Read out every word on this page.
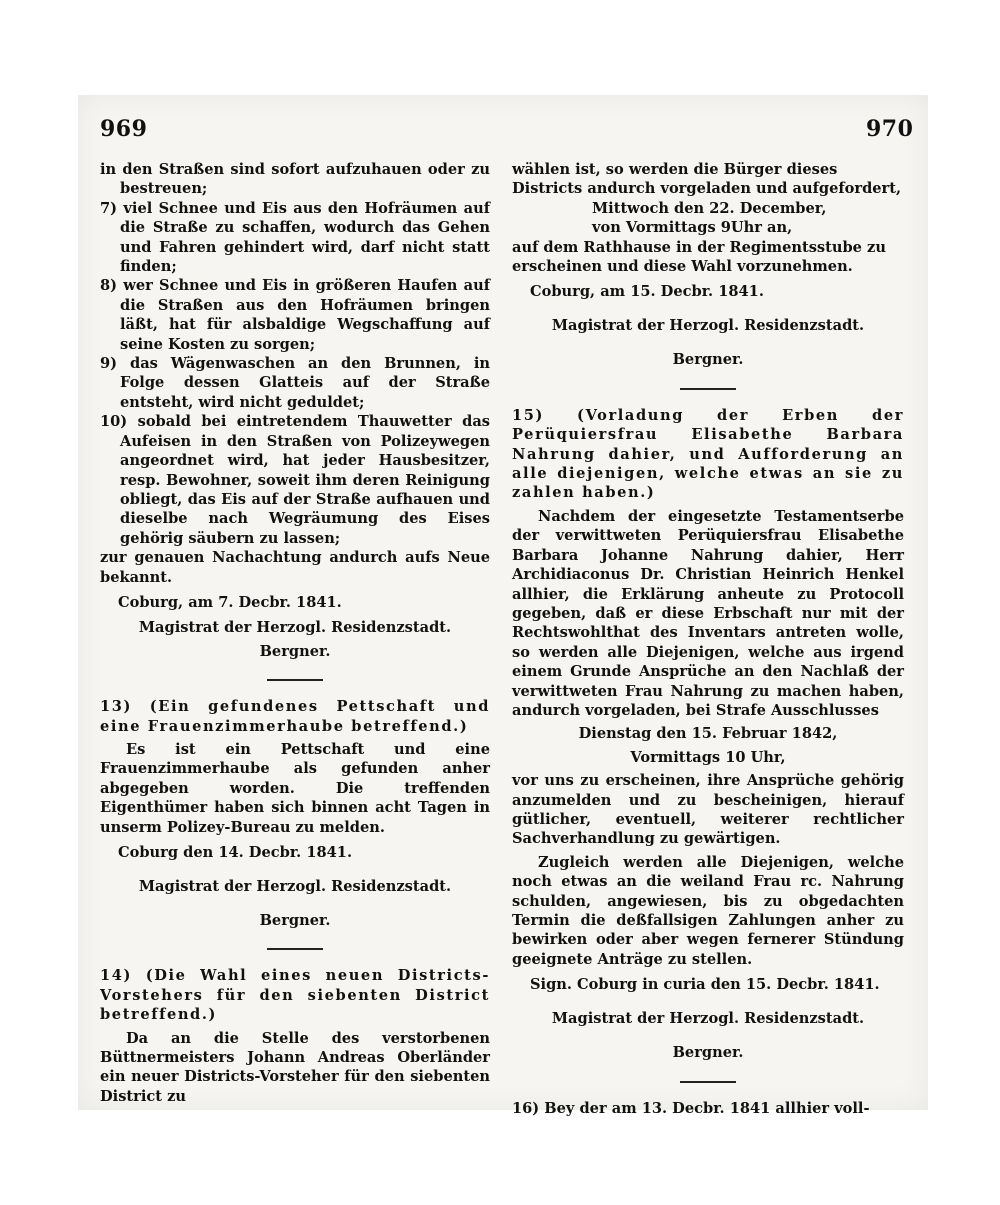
969	970

in den Straßen sind sofort aufzuhauen oder zu bestreuen;

7) viel Schnee und Eis aus den Hofräumen auf die Straße zu schaffen, wodurch das Gehen und Fahren gehindert wird, darf nicht statt finden;

8) wer Schnee und Eis in größeren Haufen auf die Straßen aus den Hofräumen bringen läßt, hat für alsbaldige Wegschaffung auf seine Kosten zu sorgen;

9) das Wägenwaschen an den Brunnen, in Folge dessen Glatteis auf der Straße entsteht, wird nicht geduldet;

10) sobald bei eintretendem Thauwetter das Aufeisen in den Straßen von Polizeywegen angeordnet wird, hat jeder Hausbesitzer, resp. Bewohner, soweit ihm deren Reinigung obliegt, das Eis auf der Straße aufhauen und dieselbe nach Wegräumung des Eises gehörig säubern zu lassen;

zur genauen Nachachtung andurch aufs Neue bekannt.

Coburg, am 7. Decbr. 1841.

Magistrat der Herzogl. Residenzstadt.

Bergner.

13) (Ein gefundenes Pettschaft und eine Frauenzimmerhaube betreffend.)

Es ist ein Pettschaft und eine Frauenzimmerhaube als gefunden anher abgegeben worden. Die treffenden Eigenthümer haben sich binnen acht Tagen in unserm Polizey-Bureau zu melden.

Coburg den 14. Decbr. 1841.

Magistrat der Herzogl. Residenzstadt.

Bergner.

14) (Die Wahl eines neuen Districts-Vorstehers für den siebenten District betreffend.)

Da an die Stelle des verstorbenen Büttnermeisters Johann Andreas Oberländer ein neuer Districts-Vorsteher für den siebenten District zu

wählen ist, so werden die Bürger dieses Districts andurch vorgeladen und aufgefordert,

Mittwoch den 22. December,

von Vormittags 9Uhr an,

auf dem Rathhause in der Regimentsstube zu erscheinen und diese Wahl vorzunehmen.

Coburg, am 15. Decbr. 1841.

Magistrat der Herzogl. Residenzstadt.

Bergner.

15) (Vorladung der Erben der Perüquiersfrau Elisabethe Barbara Nahrung dahier, und Aufforderung an alle diejenigen, welche etwas an sie zu zahlen haben.)

Nachdem der eingesetzte Testamentserbe der verwittweten Perüquiersfrau Elisabethe Barbara Johanne Nahrung dahier, Herr Archidiaconus Dr. Christian Heinrich Henkel allhier, die Erklärung anheute zu Protocoll gegeben, daß er diese Erbschaft nur mit der Rechtswohlthat des Inventars antreten wolle, so werden alle Diejenigen, welche aus irgend einem Grunde Ansprüche an den Nachlaß der verwittweten Frau Nahrung zu machen haben, andurch vorgeladen, bei Strafe Ausschlusses

Dienstag den 15. Februar 1842,

Vormittags 10 Uhr,

vor uns zu erscheinen, ihre Ansprüche gehörig anzumelden und zu bescheinigen, hierauf gütlicher, eventuell, weiterer rechtlicher Sachverhandlung zu gewärtigen.

Zugleich werden alle Diejenigen, welche noch etwas an die weiland Frau rc. Nahrung schulden, angewiesen, bis zu obgedachten Termin die deßfallsigen Zahlungen anher zu bewirken oder aber wegen fernerer Stündung geeignete Anträge zu stellen.

Sign. Coburg in curia den 15. Decbr. 1841.

Magistrat der Herzogl. Residenzstadt.

Bergner.

16) Bey der am 13. Decbr. 1841 allhier voll-
